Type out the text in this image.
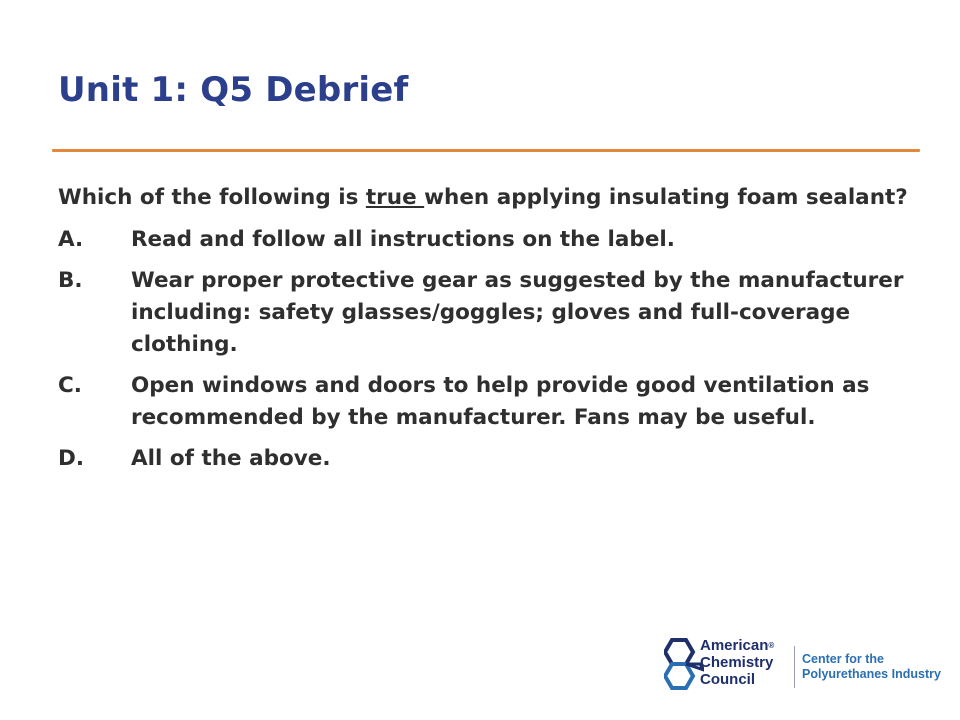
Unit 1: Q5 Debrief

Which of the following is true when applying insulating foam sealant?

A.	Read and follow all instructions on the label.
B.	Wear proper protective gear as suggested by the manufacturer including: safety glasses/goggles; gloves and full-coverage clothing.
C.	Open windows and doors to help provide good ventilation as recommended by the manufacturer. Fans may be useful.
D.	All of the above.
American®
Chemistry
Council
Center for the
Polyurethanes Industry
